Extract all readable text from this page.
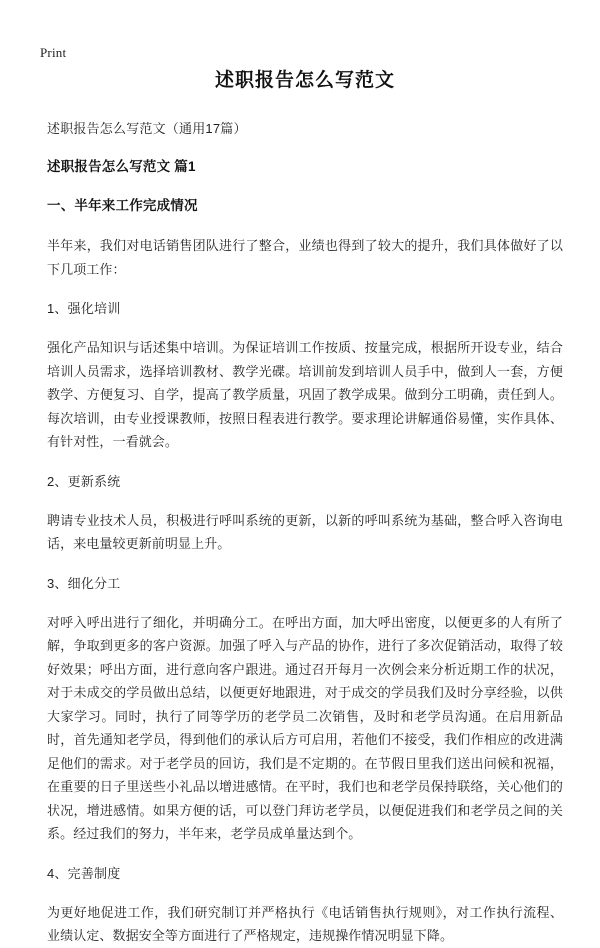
Print
述职报告怎么写范文

述职报告怎么写范文（通用17篇）

述职报告怎么写范文 篇1

一、半年来工作完成情况

半年来，我们对电话销售团队进行了整合，业绩也得到了较大的提升，我们具体做好了以下几项工作：

1、强化培训

强化产品知识与话述集中培训。为保证培训工作按质、按量完成，根据所开设专业，结合培训人员需求，选择培训教材、教学光碟。培训前发到培训人员手中，做到人一套，方便教学、方便复习、自学，提高了教学质量，巩固了教学成果。做到分工明确，责任到人。每次培训，由专业授课教师，按照日程表进行教学。要求理论讲解通俗易懂，实作具体、有针对性，一看就会。

2、更新系统

聘请专业技术人员，积极进行呼叫系统的更新，以新的呼叫系统为基础，整合呼入咨询电话，来电量较更新前明显上升。

3、细化分工

对呼入呼出进行了细化，并明确分工。在呼出方面，加大呼出密度，以便更多的人有所了解，争取到更多的客户资源。加强了呼入与产品的协作，进行了多次促销活动，取得了较好效果；呼出方面，进行意向客户跟进。通过召开每月一次例会来分析近期工作的状况，对于未成交的学员做出总结，以便更好地跟进，对于成交的学员我们及时分享经验，以供大家学习。同时，执行了同等学历的老学员二次销售，及时和老学员沟通。在启用新品时，首先通知老学员，得到他们的承认后方可启用，若他们不接受，我们作相应的改进满足他们的需求。对于老学员的回访，我们是不定期的。在节假日里我们送出问候和祝福，在重要的日子里送些小礼品以增进感情。在平时，我们也和老学员保持联络，关心他们的状况，增进感情。如果方便的话，可以登门拜访老学员，以便促进我们和老学员之间的关系。经过我们的努力，半年来，老学员成单量达到个。

4、完善制度

为更好地促进工作，我们研究制订并严格执行《电话销售执行规则》，对工作执行流程、业绩认定、数据安全等方面进行了严格规定，违规操作情况明显下降。
